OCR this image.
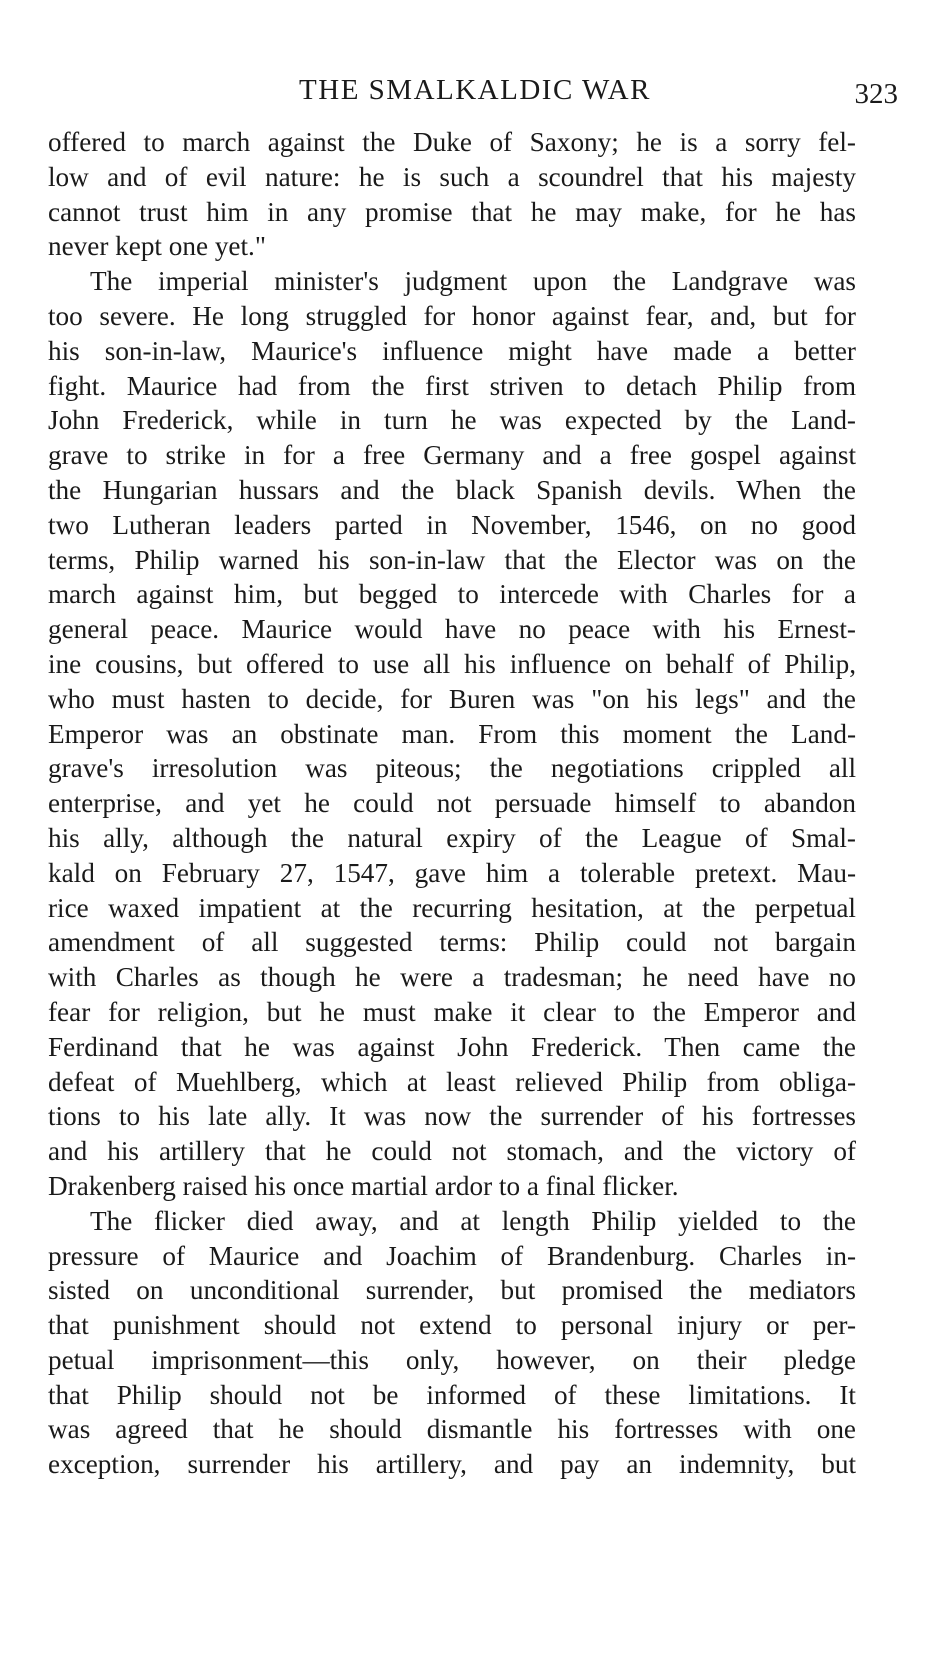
THE SMALKALDIC WAR	323
offered to march against the Duke of Saxony; he is a sorry fel-
low and of evil nature: he is such a scoundrel that his majesty
cannot trust him in any promise that he may make, for he has
never kept one yet."
The imperial minister's judgment upon the Landgrave was
too severe. He long struggled for honor against fear, and, but for
his son-in-law, Maurice's influence might have made a better
fight. Maurice had from the first striven to detach Philip from
John Frederick, while in turn he was expected by the Land-
grave to strike in for a free Germany and a free gospel against
the Hungarian hussars and the black Spanish devils. When the
two Lutheran leaders parted in November, 1546, on no good
terms, Philip warned his son-in-law that the Elector was on the
march against him, but begged to intercede with Charles for a
general peace. Maurice would have no peace with his Ernest-
ine cousins, but offered to use all his influence on behalf of Philip,
who must hasten to decide, for Buren was "on his legs" and the
Emperor was an obstinate man. From this moment the Land-
grave's irresolution was piteous; the negotiations crippled all
enterprise, and yet he could not persuade himself to abandon
his ally, although the natural expiry of the League of Smal-
kald on February 27, 1547, gave him a tolerable pretext. Mau-
rice waxed impatient at the recurring hesitation, at the perpetual
amendment of all suggested terms: Philip could not bargain
with Charles as though he were a tradesman; he need have no
fear for religion, but he must make it clear to the Emperor and
Ferdinand that he was against John Frederick. Then came the
defeat of Muehlberg, which at least relieved Philip from obliga-
tions to his late ally. It was now the surrender of his fortresses
and his artillery that he could not stomach, and the victory of
Drakenberg raised his once martial ardor to a final flicker.
The flicker died away, and at length Philip yielded to the
pressure of Maurice and Joachim of Brandenburg. Charles in-
sisted on unconditional surrender, but promised the mediators
that punishment should not extend to personal injury or per-
petual imprisonment—this only, however, on their pledge
that Philip should not be informed of these limitations. It
was agreed that he should dismantle his fortresses with one
exception, surrender his artillery, and pay an indemnity, but
